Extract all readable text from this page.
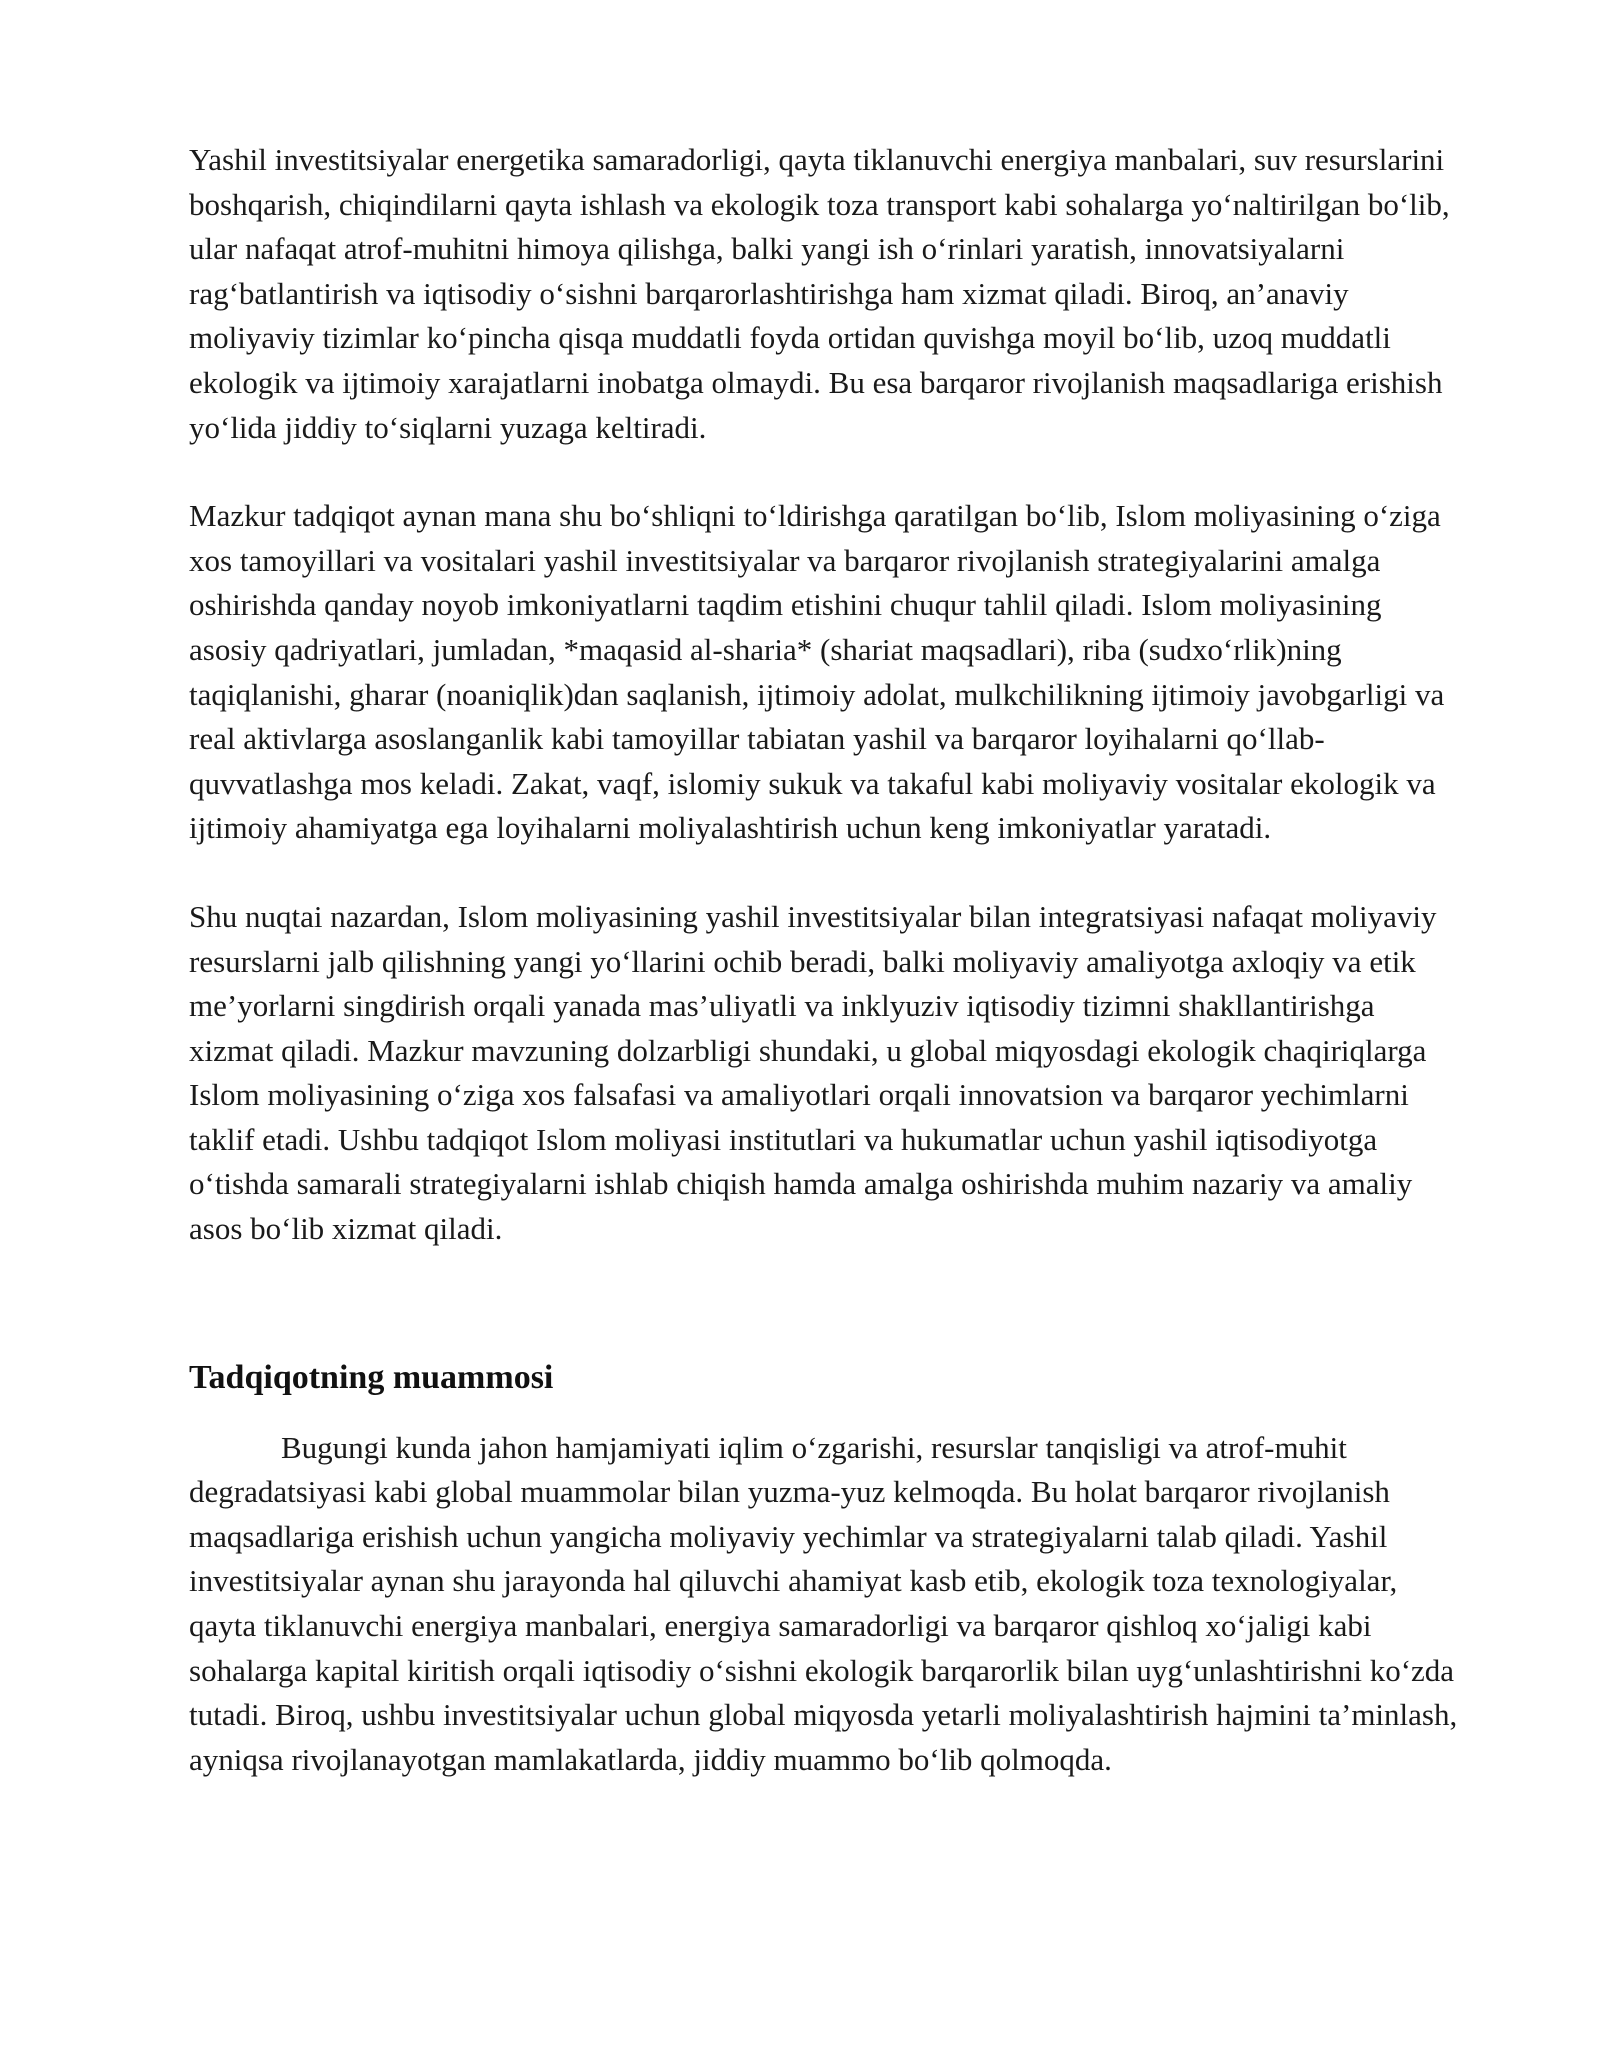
Yashil investitsiyalar energetika samaradorligi, qayta tiklanuvchi energiya manbalari, suv resurslarini boshqarish, chiqindilarni qayta ishlash va ekologik toza transport kabi sohalarga yo‘naltirilgan bo‘lib, ular nafaqat atrof-muhitni himoya qilishga, balki yangi ish o‘rinlari yaratish, innovatsiyalarni rag‘batlantirish va iqtisodiy o‘sishni barqarorlashtirishga ham xizmat qiladi. Biroq, an’anaviy moliyaviy tizimlar ko‘pincha qisqa muddatli foyda ortidan quvishga moyil bo‘lib, uzoq muddatli ekologik va ijtimoiy xarajatlarni inobatga olmaydi. Bu esa barqaror rivojlanish maqsadlariga erishish yo‘lida jiddiy to‘siqlarni yuzaga keltiradi.

Mazkur tadqiqot aynan mana shu bo‘shliqni to‘ldirishga qaratilgan bo‘lib, Islom moliyasining o‘ziga xos tamoyillari va vositalari yashil investitsiyalar va barqaror rivojlanish strategiyalarini amalga oshirishda qanday noyob imkoniyatlarni taqdim etishini chuqur tahlil qiladi. Islom moliyasining asosiy qadriyatlari, jumladan, *maqasid al-sharia* (shariat maqsadlari), riba (sudxo‘rlik)ning taqiqlanishi, gharar (noaniqlik)dan saqlanish, ijtimoiy adolat, mulkchilikning ijtimoiy javobgarligi va real aktivlarga asoslanganlik kabi tamoyillar tabiatan yashil va barqaror loyihalarni qo‘llab-quvvatlashga mos keladi. Zakat, vaqf, islomiy sukuk va takaful kabi moliyaviy vositalar ekologik va ijtimoiy ahamiyatga ega loyihalarni moliyalashtirish uchun keng imkoniyatlar yaratadi.

Shu nuqtai nazardan, Islom moliyasining yashil investitsiyalar bilan integratsiyasi nafaqat moliyaviy resurslarni jalb qilishning yangi yo‘llarini ochib beradi, balki moliyaviy amaliyotga axloqiy va etik me’yorlarni singdirish orqali yanada mas’uliyatli va inklyuziv iqtisodiy tizimni shakllantirishga xizmat qiladi. Mazkur mavzuning dolzarbligi shundaki, u global miqyosdagi ekologik chaqiriqlarga Islom moliyasining o‘ziga xos falsafasi va amaliyotlari orqali innovatsion va barqaror yechimlarni taklif etadi. Ushbu tadqiqot Islom moliyasi institutlari va hukumatlar uchun yashil iqtisodiyotga o‘tishda samarali strategiyalarni ishlab chiqish hamda amalga oshirishda muhim nazariy va amaliy asos bo‘lib xizmat qiladi.

Tadqiqotning muammosi

Bugungi kunda jahon hamjamiyati iqlim o‘zgarishi, resurslar tanqisligi va atrof-muhit degradatsiyasi kabi global muammolar bilan yuzma-yuz kelmoqda. Bu holat barqaror rivojlanish maqsadlariga erishish uchun yangicha moliyaviy yechimlar va strategiyalarni talab qiladi. Yashil investitsiyalar aynan shu jarayonda hal qiluvchi ahamiyat kasb etib, ekologik toza texnologiyalar, qayta tiklanuvchi energiya manbalari, energiya samaradorligi va barqaror qishloq xo‘jaligi kabi sohalarga kapital kiritish orqali iqtisodiy o‘sishni ekologik barqarorlik bilan uyg‘unlashtirishni ko‘zda tutadi. Biroq, ushbu investitsiyalar uchun global miqyosda yetarli moliyalashtirish hajmini ta’minlash, ayniqsa rivojlanayotgan mamlakatlarda, jiddiy muammo bo‘lib qolmoqda.
